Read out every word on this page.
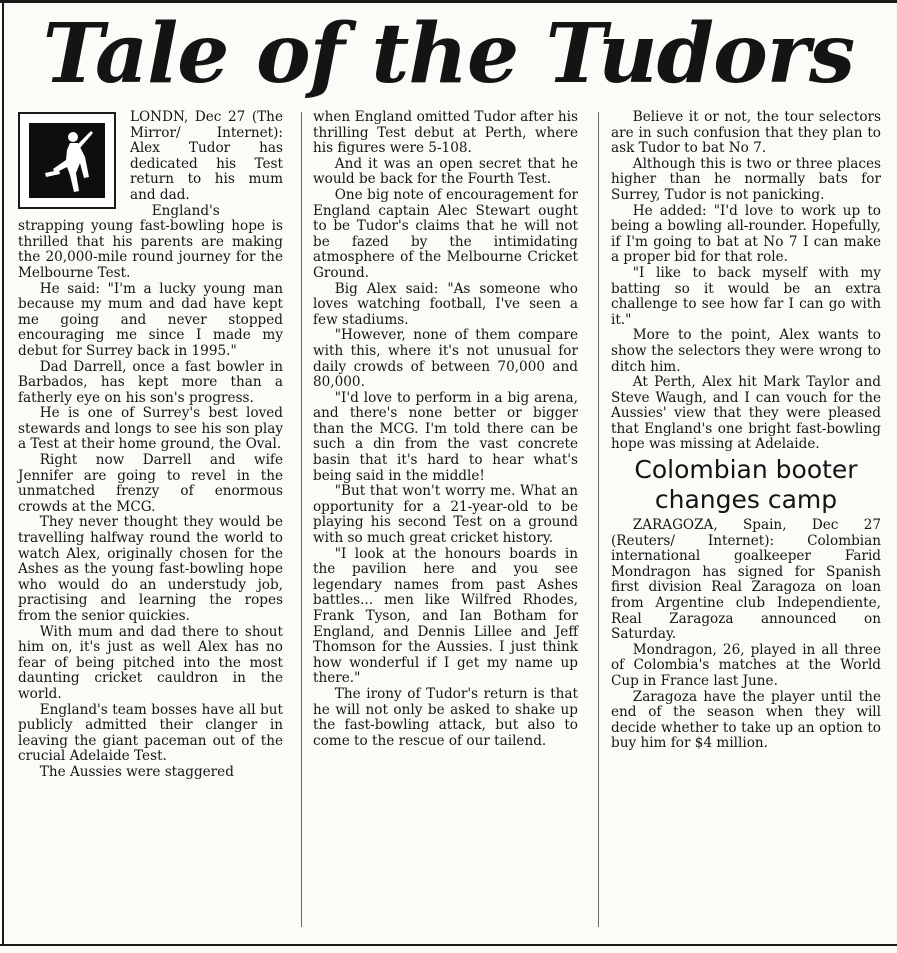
Tale of the Tudors

LONDN, Dec 27 (The Mirror/ Internet): Alex Tudor has dedicated his Test return to his mum and dad.

England's strapping young fast-bowling hope is thrilled that his parents are making the 20,000-mile round journey for the Melbourne Test.

He said: "I'm a lucky young man because my mum and dad have kept me going and never stopped encouraging me since I made my debut for Surrey back in 1995."

Dad Darrell, once a fast bowler in Barbados, has kept more than a fatherly eye on his son's progress.

He is one of Surrey's best loved stewards and longs to see his son play a Test at their home ground, the Oval.

Right now Darrell and wife Jennifer are going to revel in the unmatched frenzy of enormous crowds at the MCG.

They never thought they would be travelling halfway round the world to watch Alex, originally chosen for the Ashes as the young fast-bowling hope who would do an understudy job, practising and learning the ropes from the senior quickies.

With mum and dad there to shout him on, it's just as well Alex has no fear of being pitched into the most daunting cricket cauldron in the world.

England's team bosses have all but publicly admitted their clanger in leaving the giant paceman out of the crucial Adelaide Test.

The Aussies were staggered

when England omitted Tudor after his thrilling Test debut at Perth, where his figures were 5-108.

And it was an open secret that he would be back for the Fourth Test.

One big note of encouragement for England captain Alec Stewart ought to be Tudor's claims that he will not be fazed by the intimidating atmosphere of the Melbourne Cricket Ground.

Big Alex said: "As someone who loves watching football, I've seen a few stadiums.

"However, none of them compare with this, where it's not unusual for daily crowds of between 70,000 and 80,000.

"I'd love to perform in a big arena, and there's none better or bigger than the MCG. I'm told there can be such a din from the vast concrete basin that it's hard to hear what's being said in the middle!

"But that won't worry me. What an opportunity for a 21-year-old to be playing his second Test on a ground with so much great cricket history.

"I look at the honours boards in the pavilion here and you see legendary names from past Ashes battles... men like Wilfred Rhodes, Frank Tyson, and Ian Botham for England, and Dennis Lillee and Jeff Thomson for the Aussies. I just think how wonderful if I get my name up there."

The irony of Tudor's return is that he will not only be asked to shake up the fast-bowling attack, but also to come to the rescue of our tailend.

Believe it or not, the tour selectors are in such confusion that they plan to ask Tudor to bat No 7.

Although this is two or three places higher than he normally bats for Surrey, Tudor is not panicking.

He added: "I'd love to work up to being a bowling all-rounder. Hopefully, if I'm going to bat at No 7 I can make a proper bid for that role.

"I like to back myself with my batting so it would be an extra challenge to see how far I can go with it."

More to the point, Alex wants to show the selectors they were wrong to ditch him.

At Perth, Alex hit Mark Taylor and Steve Waugh, and I can vouch for the Aussies' view that they were pleased that England's one bright fast-bowling hope was missing at Adelaide.

Colombian booter changes camp

ZARAGOZA, Spain, Dec 27 (Reuters/ Internet): Colombian international goalkeeper Farid Mondragon has signed for Spanish first division Real Zaragoza on loan from Argentine club Independiente, Real Zaragoza announced on Saturday.

Mondragon, 26, played in all three of Colombia's matches at the World Cup in France last June.

Zaragoza have the player until the end of the season when they will decide whether to take up an option to buy him for $4 million.
